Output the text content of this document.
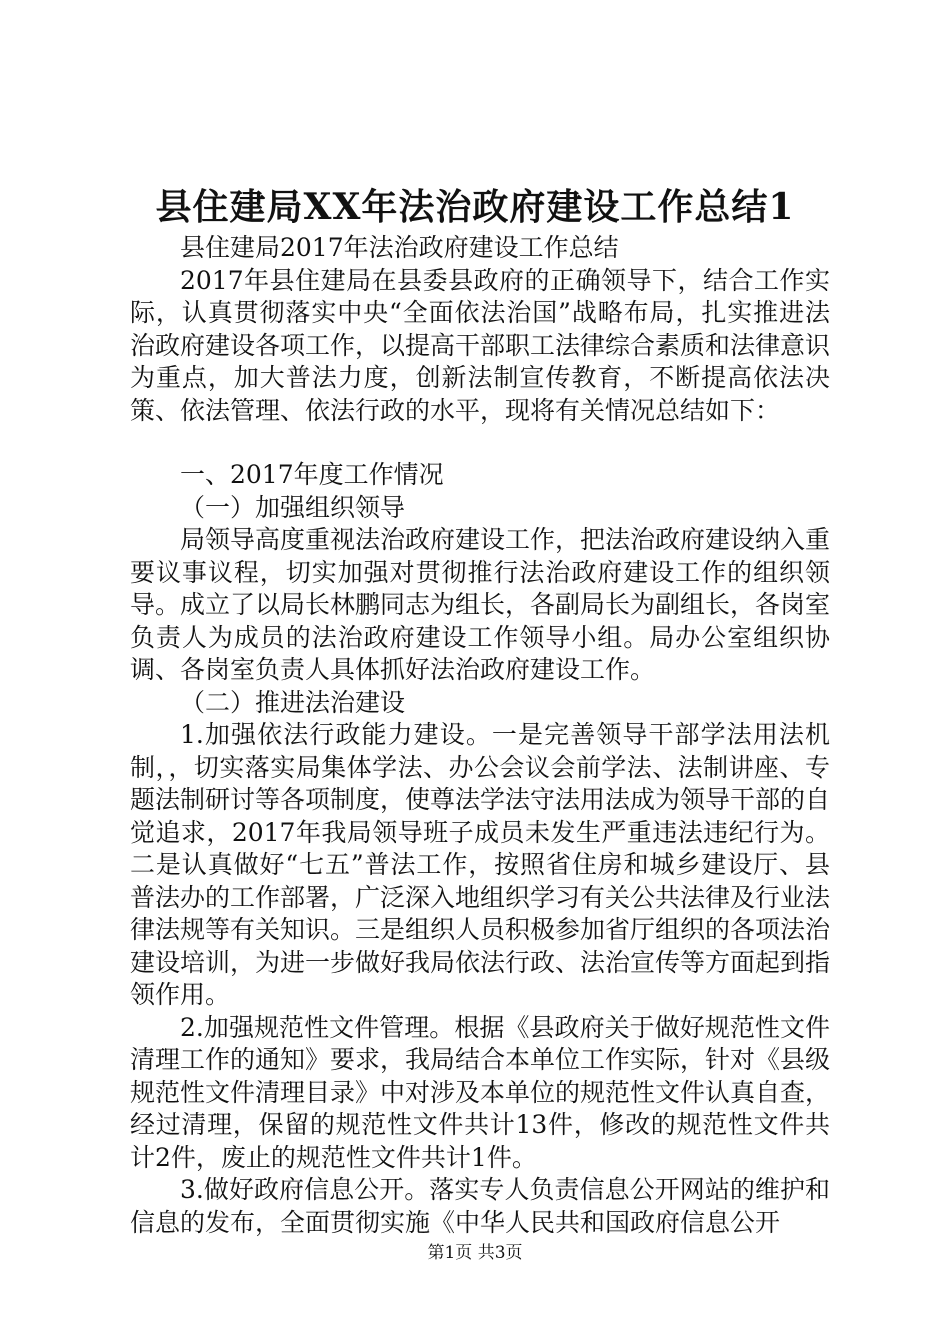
县住建局XX年法治政府建设工作总结1

县住建局2017年法治政府建设工作总结

2017年县住建局在县委县政府的正确领导下，结合工作实际，认真贯彻落实中央“全面依法治国”战略布局，扎实推进法治政府建设各项工作，以提高干部职工法律综合素质和法律意识为重点，加大普法力度，创新法制宣传教育，不断提高依法决策、依法管理、依法行政的水平，现将有关情况总结如下：

一、2017年度工作情况

（一）加强组织领导

局领导高度重视法治政府建设工作，把法治政府建设纳入重要议事议程，切实加强对贯彻推行法治政府建设工作的组织领导。成立了以局长林鹏同志为组长，各副局长为副组长，各岗室负责人为成员的法治政府建设工作领导小组。局办公室组织协调、各岗室负责人具体抓好法治政府建设工作。

（二）推进法治建设

1.加强依法行政能力建设。一是完善领导干部学法用法机制，，切实落实局集体学法、办公会议会前学法、法制讲座、专题法制研讨等各项制度，使尊法学法守法用法成为领导干部的自觉追求，2017年我局领导班子成员未发生严重违法违纪行为。二是认真做好“七五”普法工作，按照省住房和城乡建设厅、县普法办的工作部署，广泛深入地组织学习有关公共法律及行业法律法规等有关知识。三是组织人员积极参加省厅组织的各项法治建设培训，为进一步做好我局依法行政、法治宣传等方面起到指领作用。

2.加强规范性文件管理。根据《县政府关于做好规范性文件清理工作的通知》要求，我局结合本单位工作实际，针对《县级规范性文件清理目录》中对涉及本单位的规范性文件认真自查，经过清理，保留的规范性文件共计13件，修改的规范性文件共计2件，废止的规范性文件共计1件。

3.做好政府信息公开。落实专人负责信息公开网站的维护和信息的发布，全面贯彻实施《中华人民共和国政府信息公开

第1页 共3页
